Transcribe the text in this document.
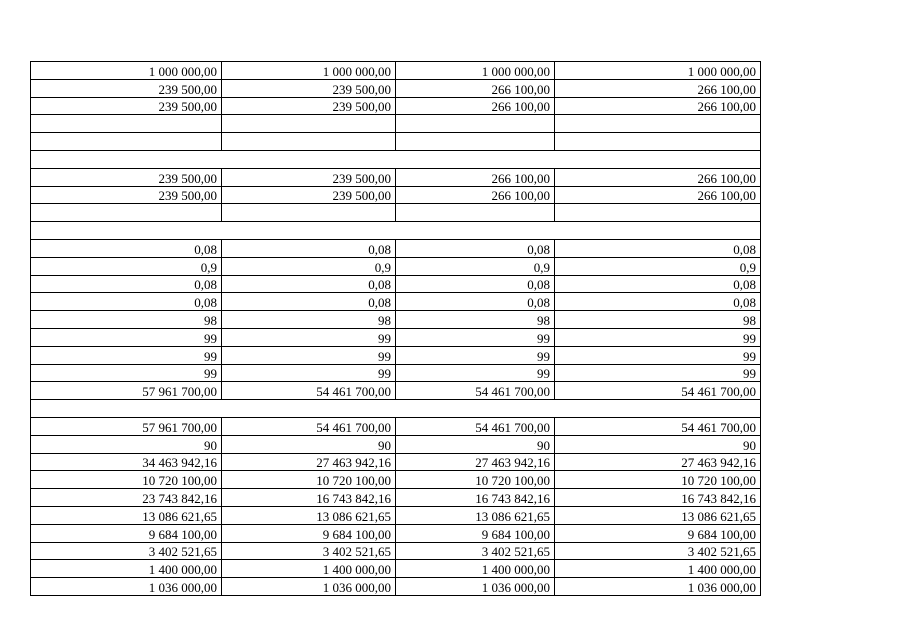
1 000 000,00	1 000 000,00	1 000 000,00	1 000 000,00
239 500,00	239 500,00	266 100,00	266 100,00
239 500,00	239 500,00	266 100,00	266 100,00

239 500,00	239 500,00	266 100,00	266 100,00
239 500,00	239 500,00	266 100,00	266 100,00

0,08	0,08	0,08	0,08
0,9	0,9	0,9	0,9
0,08	0,08	0,08	0,08
0,08	0,08	0,08	0,08
98	98	98	98
99	99	99	99
99	99	99	99
99	99	99	99
57 961 700,00	54 461 700,00	54 461 700,00	54 461 700,00

57 961 700,00	54 461 700,00	54 461 700,00	54 461 700,00
90	90	90	90
34 463 942,16	27 463 942,16	27 463 942,16	27 463 942,16
10 720 100,00	10 720 100,00	10 720 100,00	10 720 100,00
23 743 842,16	16 743 842,16	16 743 842,16	16 743 842,16
13 086 621,65	13 086 621,65	13 086 621,65	13 086 621,65
9 684 100,00	9 684 100,00	9 684 100,00	9 684 100,00
3 402 521,65	3 402 521,65	3 402 521,65	3 402 521,65
1 400 000,00	1 400 000,00	1 400 000,00	1 400 000,00
1 036 000,00	1 036 000,00	1 036 000,00	1 036 000,00
